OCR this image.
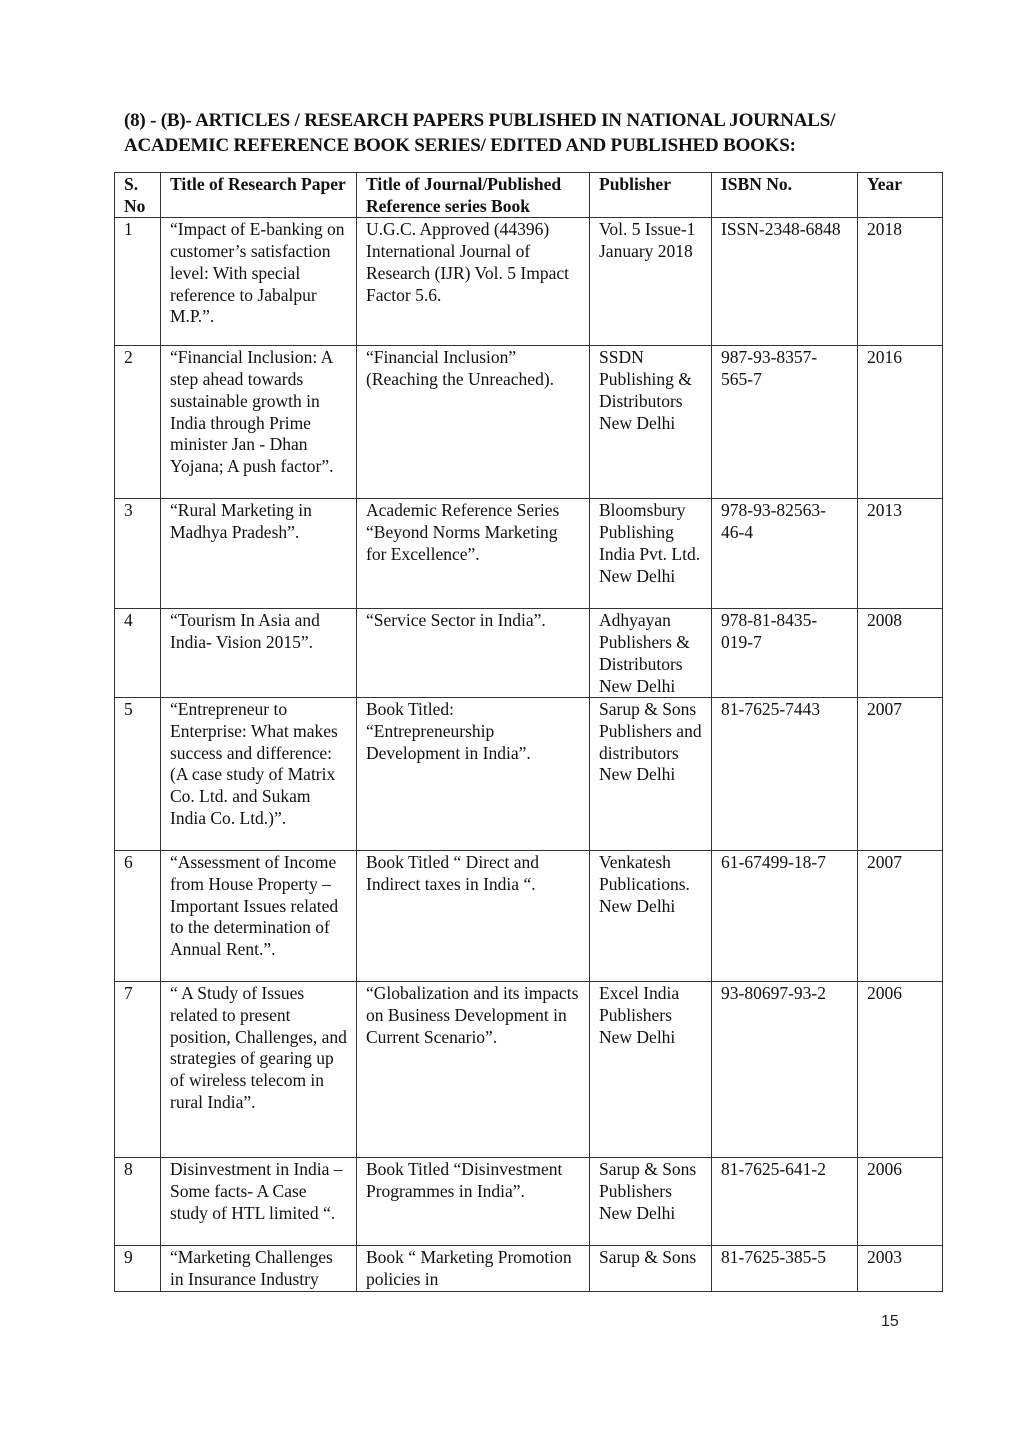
(8) - (B)- ARTICLES / RESEARCH PAPERS PUBLISHED IN NATIONAL JOURNALS/
ACADEMIC REFERENCE BOOK SERIES/ EDITED AND PUBLISHED BOOKS:
S. No	Title of Research Paper	Title of Journal/Published Reference series Book	Publisher	ISBN No.	Year
1	“Impact of E-banking on customer’s satisfaction level: With special reference to Jabalpur M.P.”.	U.G.C. Approved (44396) International Journal of Research (IJR) Vol. 5 Impact Factor 5.6.	Vol. 5 Issue-1 January 2018	ISSN-2348-6848	2018
2	“Financial Inclusion: A step ahead towards sustainable growth in India through Prime minister Jan - Dhan Yojana; A push factor”.	“Financial Inclusion” (Reaching the Unreached).	SSDN Publishing & Distributors New Delhi	987-93-8357-565-7	2016
3	“Rural Marketing in Madhya Pradesh”.	Academic Reference Series “Beyond Norms Marketing for Excellence”.	Bloomsbury Publishing India Pvt. Ltd. New Delhi	978-93-82563-46-4	2013
4	“Tourism In Asia and India- Vision 2015”.	“Service Sector in India”.	Adhyayan Publishers & Distributors New Delhi	978-81-8435-019-7	2008
5	“Entrepreneur to Enterprise: What makes success and difference: (A case study of Matrix Co. Ltd. and Sukam India Co. Ltd.)”.	Book Titled: “Entrepreneurship Development in India”.	Sarup & Sons Publishers and distributors New Delhi	81-7625-7443	2007
6	“Assessment of Income from House Property – Important Issues related to the determination of Annual Rent.”.	Book Titled “ Direct and Indirect taxes in India “.	Venkatesh Publications. New Delhi	61-67499-18-7	2007
7	“ A Study of Issues related to present position, Challenges, and strategies of gearing up of wireless telecom in rural India”.	“Globalization and its impacts on Business Development in Current Scenario”.	Excel India Publishers New Delhi	93-80697-93-2	2006
8	Disinvestment in India – Some facts- A Case study of HTL limited “.	Book Titled “Disinvestment Programmes in India”.	Sarup & Sons Publishers New Delhi	81-7625-641-2	2006
9	“Marketing Challenges in Insurance Industry	Book “ Marketing Promotion policies in	Sarup & Sons	81-7625-385-5	2003
15
